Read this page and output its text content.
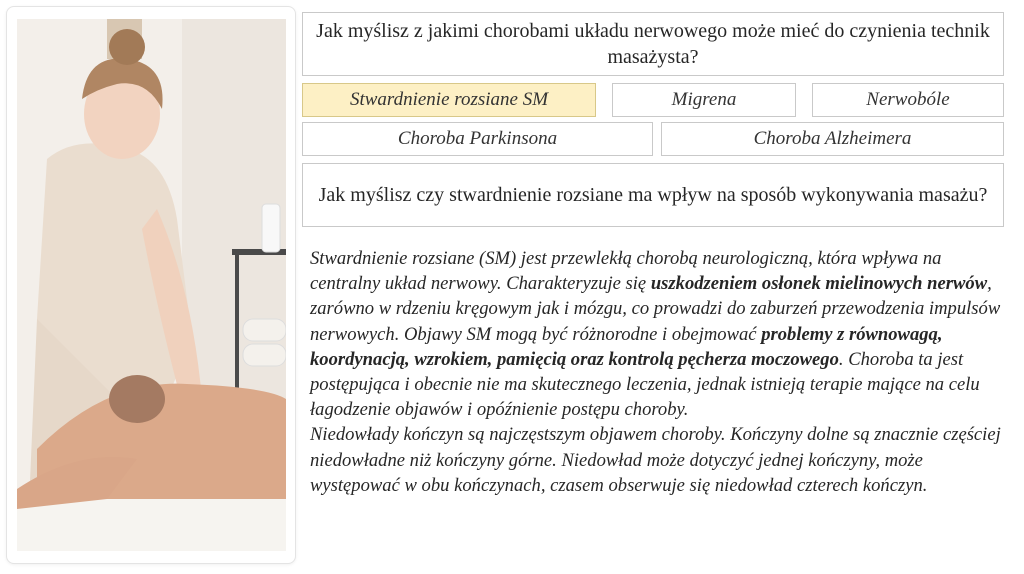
Jak myślisz z jakimi chorobami układu nerwowego może mieć do czynienia technik masażysta?
Stwardnienie rozsiane SM	Migrena	Nerwobóle
Choroba Parkinsona	Choroba Alzheimera
Jak myślisz czy stwardnienie rozsiane ma wpływ na sposób wykonywania masażu?

Stwardnienie rozsiane (SM) jest przewlekłą chorobą neurologiczną, która wpływa na centralny układ nerwowy. Charakteryzuje się uszkodzeniem osłonek mielinowych nerwów, zarówno w rdzeniu kręgowym jak i mózgu, co prowadzi do zaburzeń przewodzenia impulsów nerwowych. Objawy SM mogą być różnorodne i obejmować problemy z równowagą, koordynacją, wzrokiem, pamięcią oraz kontrolą pęcherza moczowego. Choroba ta jest postępująca i obecnie nie ma skutecznego leczenia, jednak istnieją terapie mające na celu łagodzenie objawów i opóźnienie postępu choroby.

Niedowłady kończyn są najczęstszym objawem choroby. Kończyny dolne są znacznie częściej niedowładne niż kończyny górne. Niedowład może dotyczyć jednej kończyny, może występować w obu kończynach, czasem obserwuje się niedowład czterech kończyn.
